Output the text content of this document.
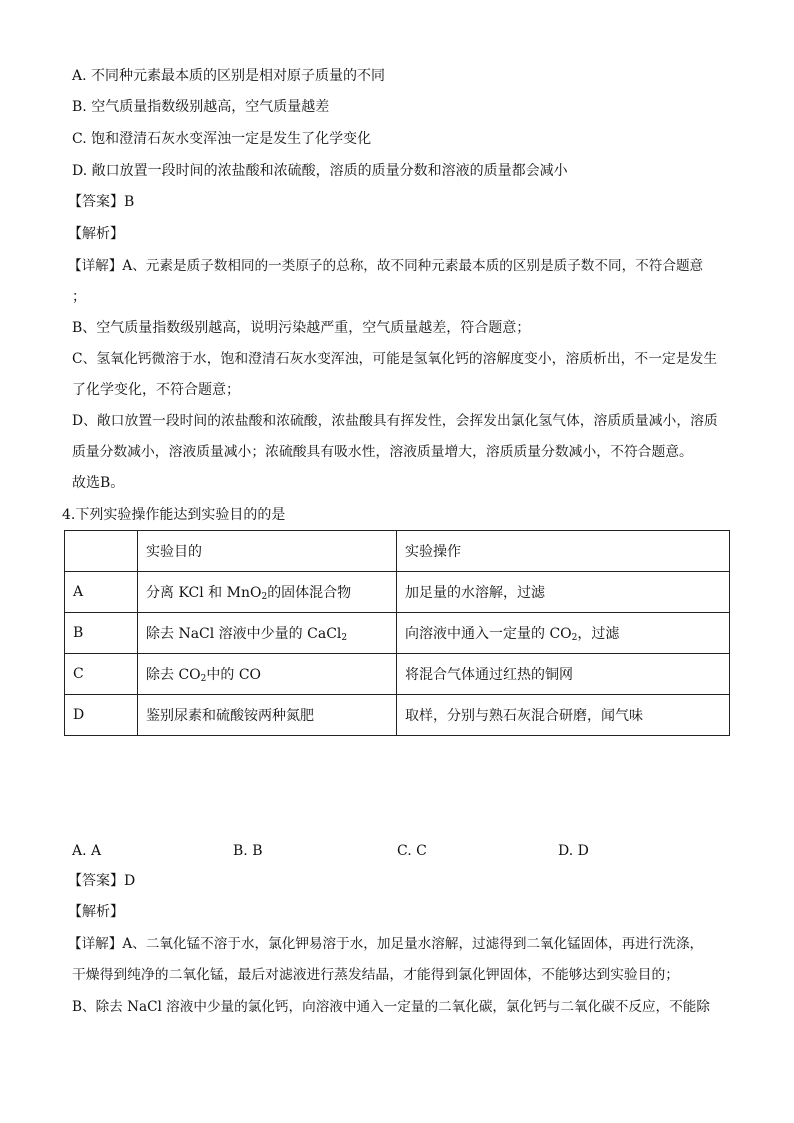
A. 不同种元素最本质的区别是相对原子质量的不同
B. 空气质量指数级别越高，空气质量越差
C. 饱和澄清石灰水变浑浊一定是发生了化学变化
D. 敞口放置一段时间的浓盐酸和浓硫酸，溶质的质量分数和溶液的质量都会减小
【答案】B
【解析】
【详解】A、元素是质子数相同的一类原子的总称，故不同种元素最本质的区别是质子数不同，不符合题意
；
B、空气质量指数级别越高，说明污染越严重，空气质量越差，符合题意；
C、氢氧化钙微溶于水，饱和澄清石灰水变浑浊，可能是氢氧化钙的溶解度变小，溶质析出，不一定是发生
了化学变化，不符合题意；
D、敞口放置一段时间的浓盐酸和浓硫酸，浓盐酸具有挥发性，会挥发出氯化氢气体，溶质质量减小，溶质
质量分数减小，溶液质量减小；浓硫酸具有吸水性，溶液质量增大，溶质质量分数减小，不符合题意。
故选B。
4.下列实验操作能达到实验目的的是
	实验目的	实验操作
A	分离 KCl 和 MnO$_2$的固体混合物	加足量的水溶解，过滤
B	除去 NaCl 溶液中少量的 CaCl$_2$	向溶液中通入一定量的 $CO_2$，过滤
C	除去 $CO_2$中的 CO	将混合气体通过红热的铜网
D	鉴别尿素和硫酸铵两种氮肥	取样，分别与熟石灰混合研磨，闻气味
A. A	B. B	C. C	D. D
【答案】D
【解析】
【详解】A、二氧化锰不溶于水，氯化钾易溶于水，加足量水溶解，过滤得到二氧化锰固体，再进行洗涤，
干燥得到纯净的二氧化锰，最后对滤液进行蒸发结晶，才能得到氯化钾固体，不能够达到实验目的；
B、除去 NaCl 溶液中少量的氯化钙，向溶液中通入一定量的二氧化碳，氯化钙与二氧化碳不反应，不能除
